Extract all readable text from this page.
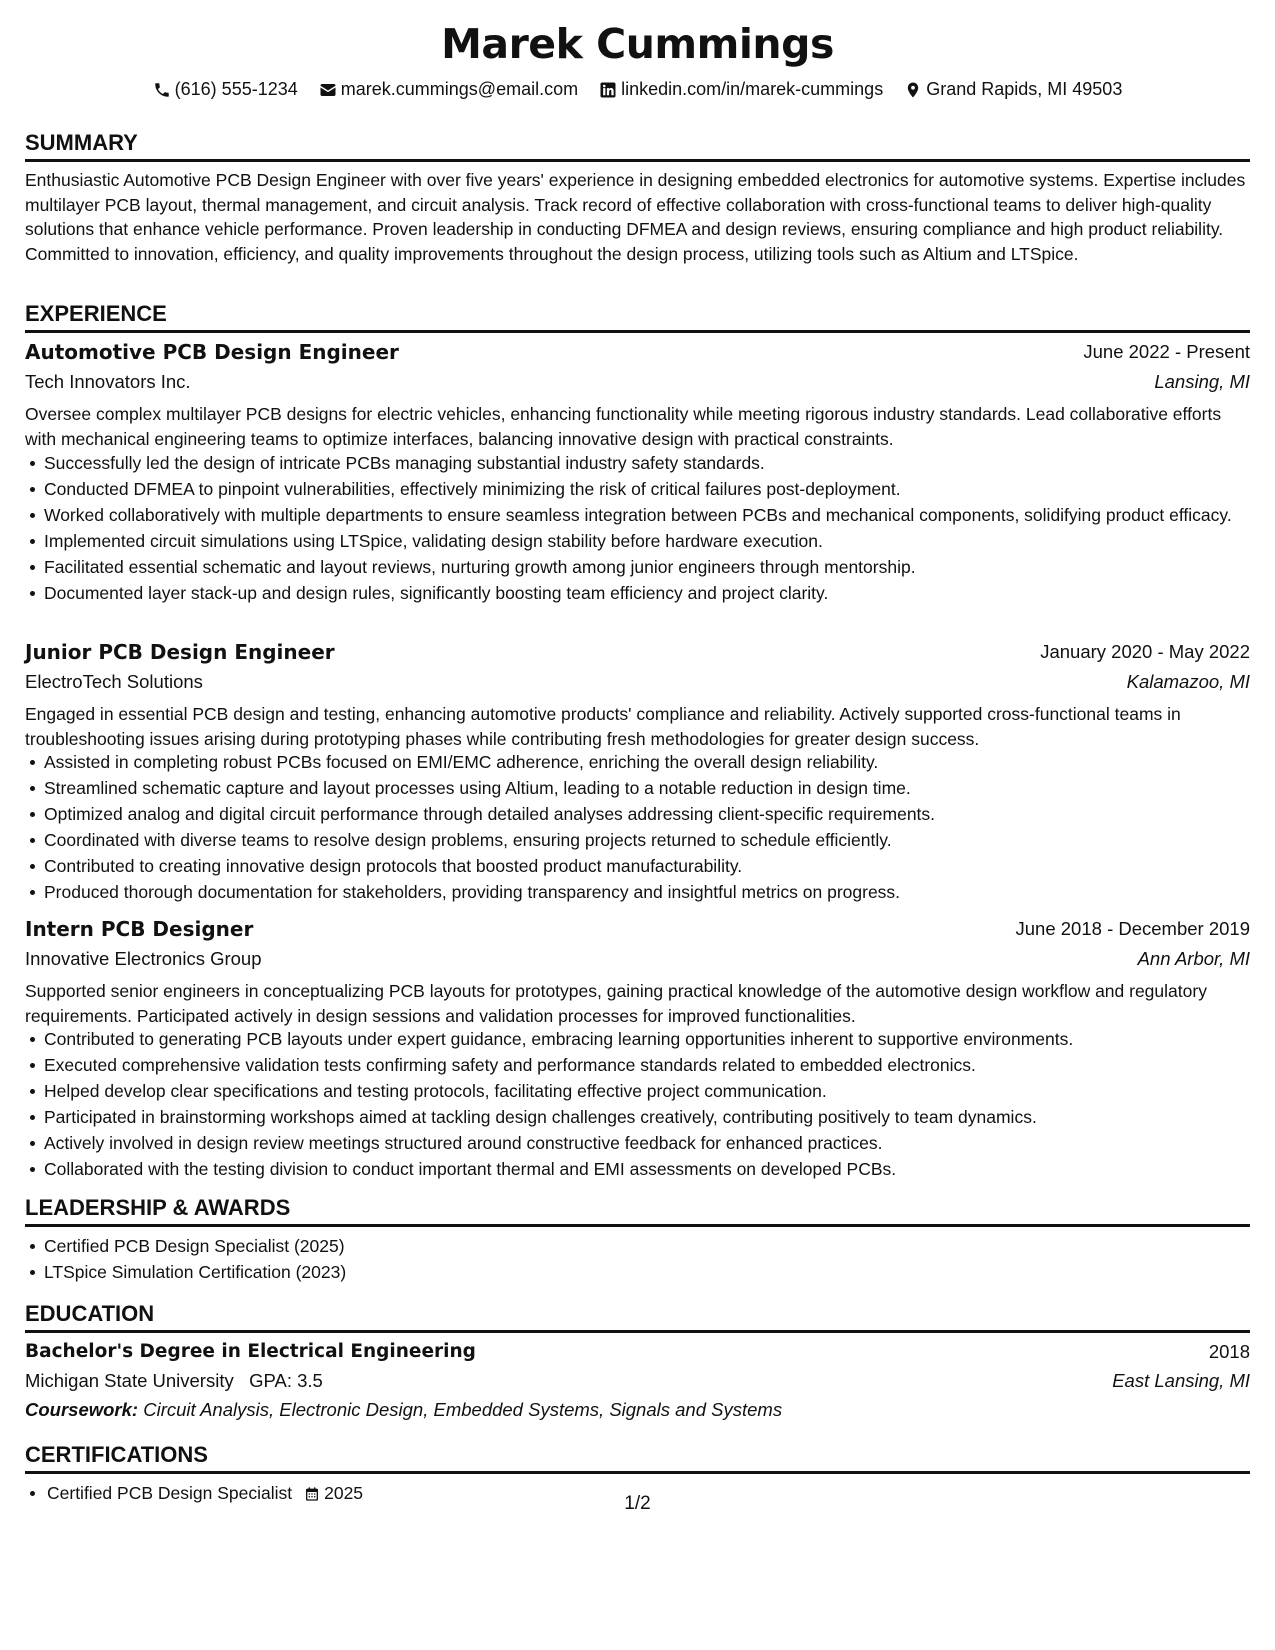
Marek Cummings
(616) 555-1234
marek.cummings@email.com
linkedin.com/in/marek-cummings
Grand Rapids, MI 49503
SUMMARY
Enthusiastic Automotive PCB Design Engineer with over five years' experience in designing embedded electronics for automotive systems. Expertise includes multilayer PCB layout, thermal management, and circuit analysis. Track record of effective collaboration with cross-functional teams to deliver high-quality solutions that enhance vehicle performance. Proven leadership in conducting DFMEA and design reviews, ensuring compliance and high product reliability. Committed to innovation, efficiency, and quality improvements throughout the design process, utilizing tools such as Altium and LTSpice.
EXPERIENCE
Automotive PCB Design Engineer	June 2022 - Present
Tech Innovators Inc.	Lansing, MI
Oversee complex multilayer PCB designs for electric vehicles, enhancing functionality while meeting rigorous industry standards. Lead collaborative efforts with mechanical engineering teams to optimize interfaces, balancing innovative design with practical constraints.
Successfully led the design of intricate PCBs managing substantial industry safety standards.
Conducted DFMEA to pinpoint vulnerabilities, effectively minimizing the risk of critical failures post-deployment.
Worked collaboratively with multiple departments to ensure seamless integration between PCBs and mechanical components, solidifying product efficacy.
Implemented circuit simulations using LTSpice, validating design stability before hardware execution.
Facilitated essential schematic and layout reviews, nurturing growth among junior engineers through mentorship.
Documented layer stack-up and design rules, significantly boosting team efficiency and project clarity.
Junior PCB Design Engineer	January 2020 - May 2022
ElectroTech Solutions	Kalamazoo, MI
Engaged in essential PCB design and testing, enhancing automotive products' compliance and reliability. Actively supported cross-functional teams in troubleshooting issues arising during prototyping phases while contributing fresh methodologies for greater design success.
Assisted in completing robust PCBs focused on EMI/EMC adherence, enriching the overall design reliability.
Streamlined schematic capture and layout processes using Altium, leading to a notable reduction in design time.
Optimized analog and digital circuit performance through detailed analyses addressing client-specific requirements.
Coordinated with diverse teams to resolve design problems, ensuring projects returned to schedule efficiently.
Contributed to creating innovative design protocols that boosted product manufacturability.
Produced thorough documentation for stakeholders, providing transparency and insightful metrics on progress.
Intern PCB Designer	June 2018 - December 2019
Innovative Electronics Group	Ann Arbor, MI
Supported senior engineers in conceptualizing PCB layouts for prototypes, gaining practical knowledge of the automotive design workflow and regulatory requirements. Participated actively in design sessions and validation processes for improved functionalities.
Contributed to generating PCB layouts under expert guidance, embracing learning opportunities inherent to supportive environments.
Executed comprehensive validation tests confirming safety and performance standards related to embedded electronics.
Helped develop clear specifications and testing protocols, facilitating effective project communication.
Participated in brainstorming workshops aimed at tackling design challenges creatively, contributing positively to team dynamics.
Actively involved in design review meetings structured around constructive feedback for enhanced practices.
Collaborated with the testing division to conduct important thermal and EMI assessments on developed PCBs.
LEADERSHIP & AWARDS
Certified PCB Design Specialist (2025)
LTSpice Simulation Certification (2023)
EDUCATION
Bachelor's Degree in Electrical Engineering	2018
Michigan State University GPA: 3.5	East Lansing, MI
Coursework: Circuit Analysis, Electronic Design, Embedded Systems, Signals and Systems
CERTIFICATIONS
Certified PCB Design Specialist 2025	1/2
